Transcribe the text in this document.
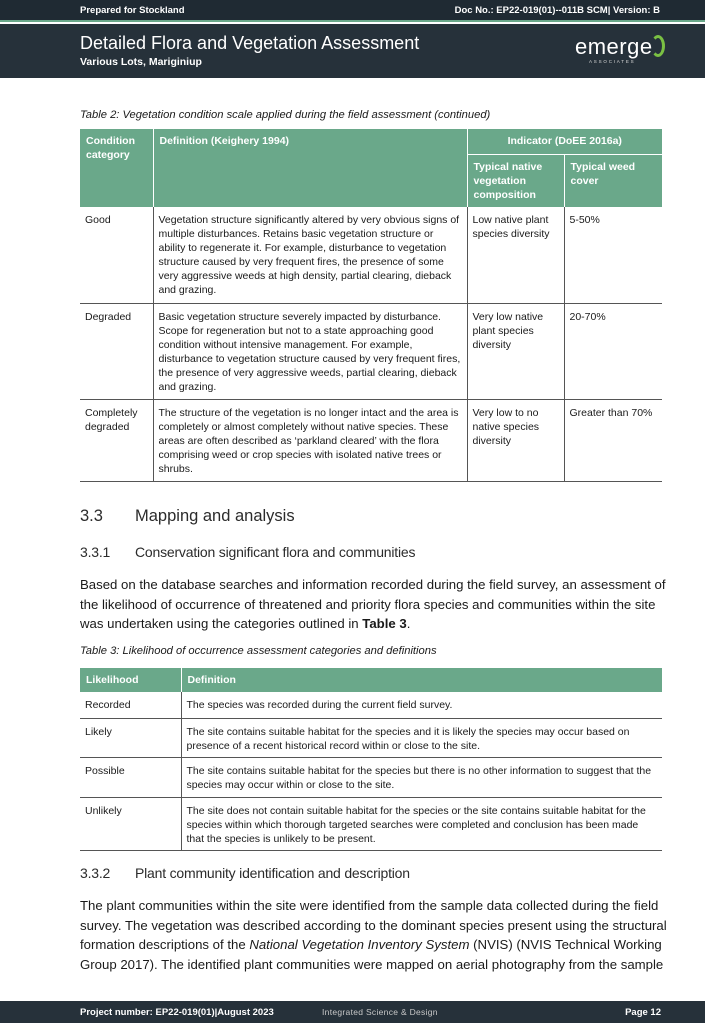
Prepared for Stockland	Doc No.: EP22-019(01)--011B SCM| Version: B
Detailed Flora and Vegetation Assessment
Various Lots, Mariginiup
emerge
ASSOCIATES
Table 2: Vegetation condition scale applied during the field assessment (continued)
Condition category	Definition (Keighery 1994)	Indicator (DoEE 2016a)	
		Typical native vegetation composition	Typical weed cover
Good	Vegetation structure significantly altered by very obvious signs of multiple disturbances. Retains basic vegetation structure or ability to regenerate it. For example, disturbance to vegetation structure caused by very frequent fires, the presence of some very aggressive weeds at high density, partial clearing, dieback and grazing.	Low native plant species diversity	5-50%
Degraded	Basic vegetation structure severely impacted by disturbance. Scope for regeneration but not to a state approaching good condition without intensive management. For example, disturbance to vegetation structure caused by very frequent fires, the presence of very aggressive weeds, partial clearing, dieback and grazing.	Very low native plant species diversity	20-70%
Completely degraded	The structure of the vegetation is no longer intact and the area is completely or almost completely without native species. These areas are often described as ‘parkland cleared’ with the flora comprising weed or crop species with isolated native trees or shrubs.	Very low to no native species diversity	Greater than 70%
3.3 Mapping and analysis
3.3.1 Conservation significant flora and communities
Based on the database searches and information recorded during the field survey, an assessment of the likelihood of occurrence of threatened and priority flora species and communities within the site was undertaken using the categories outlined in Table 3.
Table 3: Likelihood of occurrence assessment categories and definitions
Likelihood	Definition
Recorded	The species was recorded during the current field survey.
Likely	The site contains suitable habitat for the species and it is likely the species may occur based on presence of a recent historical record within or close to the site.
Possible	The site contains suitable habitat for the species but there is no other information to suggest that the species may occur within or close to the site.
Unlikely	The site does not contain suitable habitat for the species or the site contains suitable habitat for the species within which thorough targeted searches were completed and conclusion has been made that the species is unlikely to be present.
3.3.2 Plant community identification and description
The plant communities within the site were identified from the sample data collected during the field survey. The vegetation was described according to the dominant species present using the structural formation descriptions of the National Vegetation Inventory System (NVIS) (NVIS Technical Working Group 2017). The identified plant communities were mapped on aerial photography from the sample
Project number: EP22-019(01)|August 2023	Integrated Science & Design	Page 12
